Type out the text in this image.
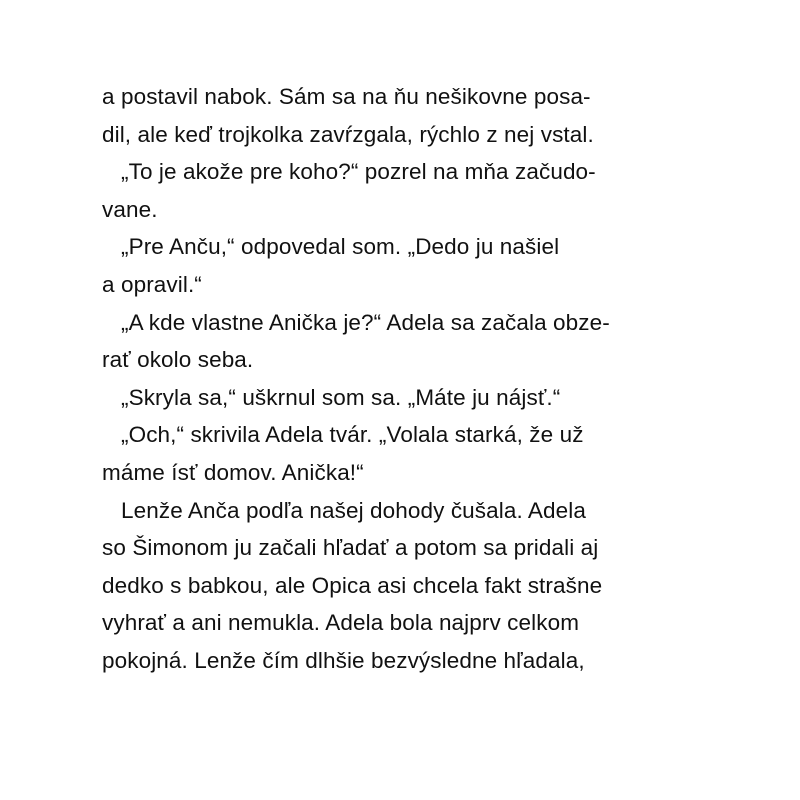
a postavil nabok. Sám sa na ňu nešikovne posa-
dil, ale keď trojkolka zavŕzgala, rýchlo z nej vstal.
„To je akože pre koho?“ pozrel na mňa začudo-
vane.
„Pre Anču,“ odpovedal som. „Dedo ju našiel
a opravil.“
„A kde vlastne Anička je?“ Adela sa začala obze-
rať okolo seba.
„Skryla sa,“ uškrnul som sa. „Máte ju nájsť.“
„Och,“ skrivila Adela tvár. „Volala starká, že už
máme ísť domov. Anička!“
Lenže Anča podľa našej dohody čušala. Adela
so Šimonom ju začali hľadať a potom sa pridali aj
dedko s babkou, ale Opica asi chcela fakt strašne
vyhrať a ani nemukla. Adela bola najprv celkom
pokojná. Lenže čím dlhšie bezvýsledne hľadala,
